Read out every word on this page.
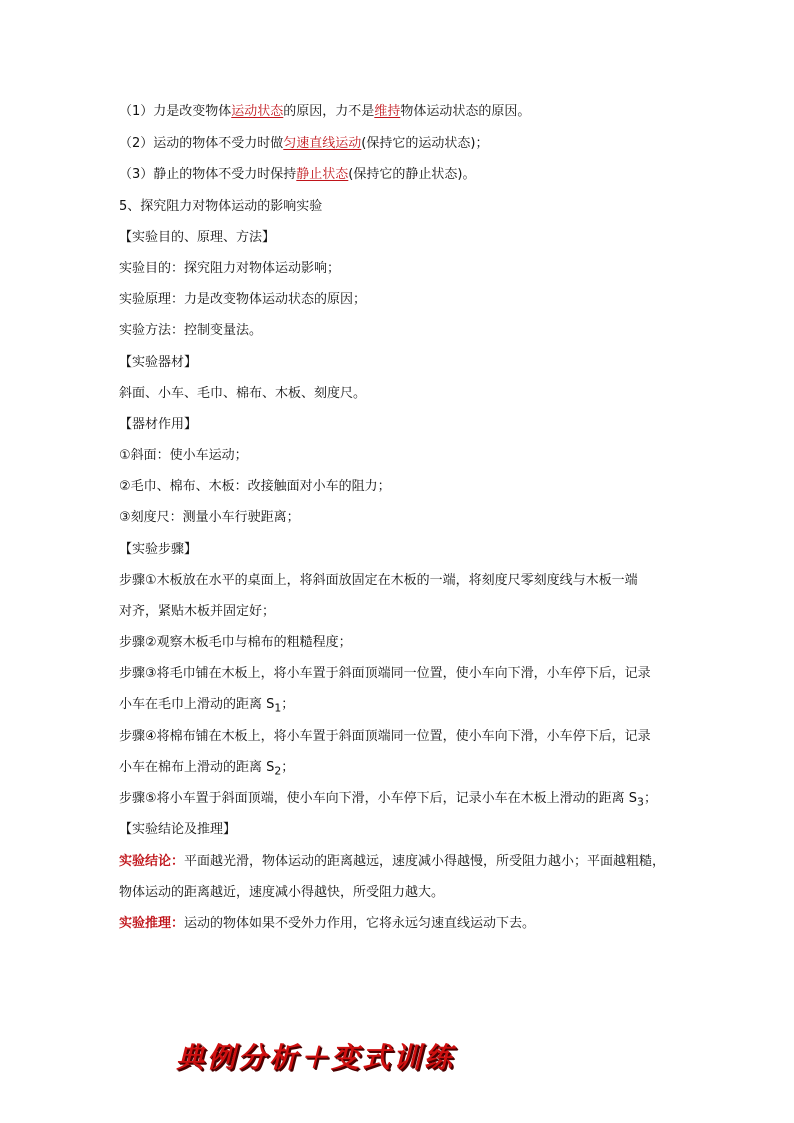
（1）力是改变物体运动状态的原因，力不是维持物体运动状态的原因。
（2）运动的物体不受力时做匀速直线运动(保持它的运动状态)；
（3）静止的物体不受力时保持静止状态(保持它的静止状态)。
5、探究阻力对物体运动的影响实验
【实验目的、原理、方法】
实验目的：探究阻力对物体运动影响；
实验原理：力是改变物体运动状态的原因；
实验方法：控制变量法。
【实验器材】
斜面、小车、毛巾、棉布、木板、刻度尺。
【器材作用】
①斜面：使小车运动；
②毛巾、棉布、木板：改接触面对小车的阻力；
③刻度尺：测量小车行驶距离；
【实验步骤】
步骤①木板放在水平的桌面上，将斜面放固定在木板的一端，将刻度尺零刻度线与木板一端
对齐，紧贴木板并固定好；
步骤②观察木板毛巾与棉布的粗糙程度；
步骤③将毛巾铺在木板上，将小车置于斜面顶端同一位置，使小车向下滑，小车停下后，记录
小车在毛巾上滑动的距离 $S_1$；
步骤④将棉布铺在木板上，将小车置于斜面顶端同一位置，使小车向下滑，小车停下后，记录
小车在棉布上滑动的距离 $S_2$；
步骤⑤将小车置于斜面顶端，使小车向下滑，小车停下后，记录小车在木板上滑动的距离 $S_3$；
【实验结论及推理】
实验结论：平面越光滑，物体运动的距离越远，速度减小得越慢，所受阻力越小；平面越粗糙，
物体运动的距离越近，速度减小得越快，所受阻力越大。
实验推理：运动的物体如果不受外力作用，它将永远匀速直线运动下去。
典例分析＋变式训练
